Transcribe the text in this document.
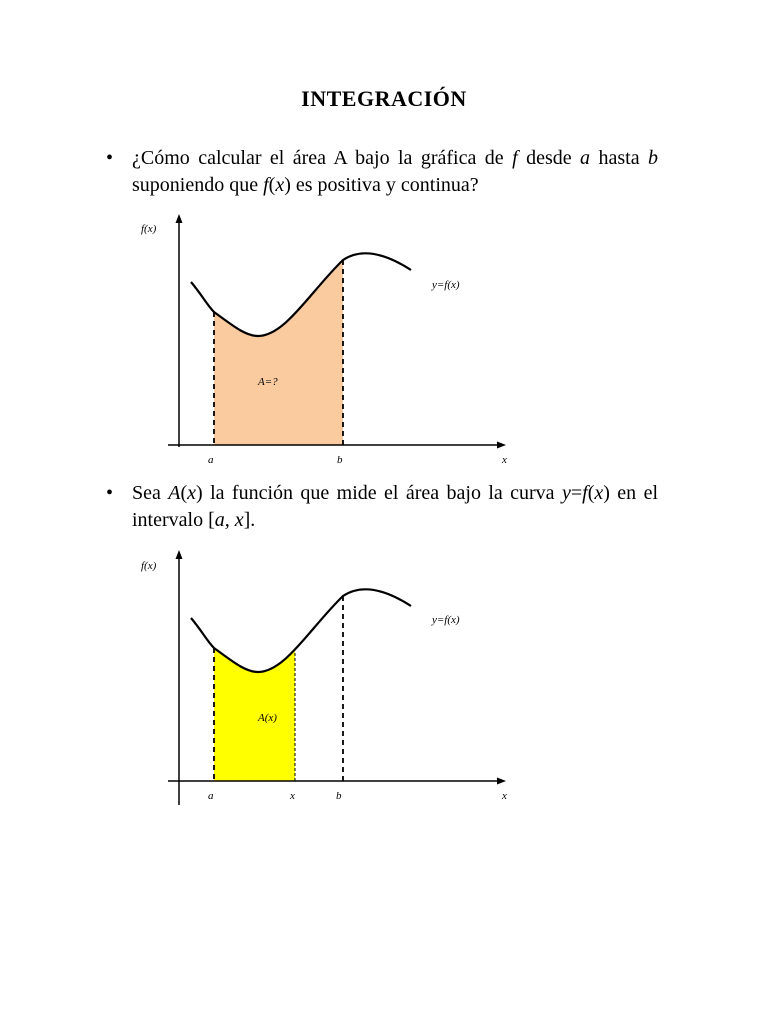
INTEGRACIÓN
• ¿Cómo calcular el área A bajo la gráfica de f desde a hasta b suponiendo que f(x) es positiva y continua?
f(x)
y=f(x)
A=?
a	b	x
• Sea A(x) la función que mide el área bajo la curva y=f(x) en el intervalo [a, x].
f(x)
y=f(x)
A(x)
a	x	b	x
